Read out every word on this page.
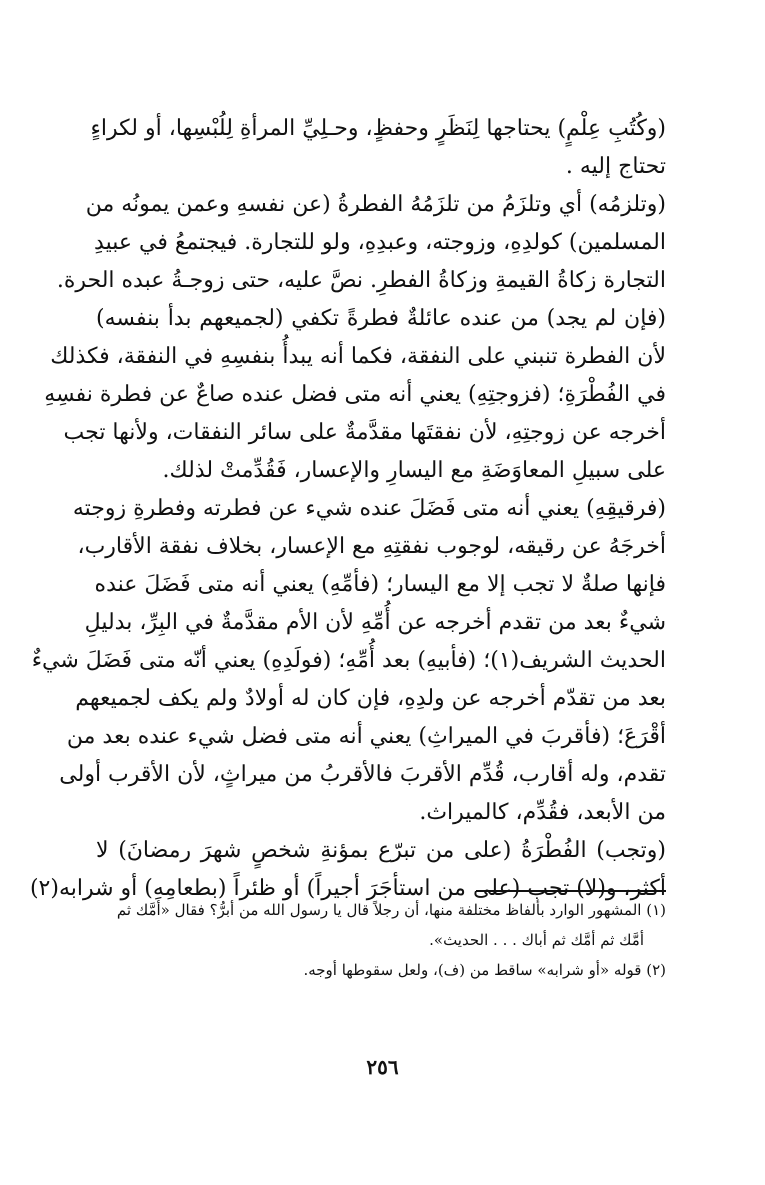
(وكُتُبِ عِلْمٍ) يحتاجها لِنَظَرٍ وحفظٍ، وحـلِيِّ المرأةِ لِلُبْسِها، أو لكراءٍ
تحتاج إليه .
(وتلزمُه) أي وتلزَمُ من تلزَمُهُ الفطرةُ (عن نفسهِ وعمن يمونُه من
المسلمين) كولدِهِ، وزوجته، وعبدِهِ، ولو للتجارة. فيجتمعُ في عبيدِ
التجارة زكاةُ القيمةِ وزكاةُ الفطرِ. نصَّ عليه، حتى زوجـةُ عبده الحرة.
(فإن لم يجد) من عنده عائلةٌ فطرةً تكفي (لجميعهم بدأ بنفسه)
لأن الفطرة تنبني على النفقة، فكما أنه يبدأُ بنفسِهِ في النفقة، فكذلك
في الفُطْرَةِ؛ (فزوجتِهِ) يعني أنه متى فضل عنده صاعٌ عن فطرة نفسِهِ
أخرجه عن زوجتِهِ، لأن نفقتَها مقدَّمةٌ على سائر النفقات، ولأنها تجب
على سبيلِ المعاوَضَةِ مع اليسارِ والإعسار، فَقُدِّمتْ لذلك.
(فرقيقِهِ) يعني أنه متى فَضَلَ عنده شيء عن فطرته وفطرةِ زوجته
أخرجَهُ عن رقيقه، لوجوب نفقتِهِ مع الإعسار، بخلاف نفقة الأقارب،
فإنها صلةٌ لا تجب إلا مع اليسار؛ (فأمِّهِ) يعني أنه متى فَضَلَ عنده
شيءٌ بعد من تقدم أخرجه عن أُمِّهِ لأن الأم مقدَّمةٌ في البِرِّ، بدليلِ
الحديث الشريف(١)؛ (فأبيهِ) بعد أُمِّهِ؛ (فولَدِهِ) يعني أنّه متى فَضَلَ شيءٌ
بعد من تقدّم أخرجه عن ولدِهِ، فإن كان له أولادٌ ولم يكف لجميعهم
أقْرَعَ؛ (فأقربَ في الميراثِ) يعني أنه متى فضل شيء عنده بعد من
تقدم، وله أقارب، قُدِّم الأقربَ فالأقربُ من ميراثٍ، لأن الأقرب أولى
من الأبعد، فقُدِّم، كالميراث.
(وتجب) الفُطْرَةُ (على من تبرّع بمؤنةِ شخصٍ شهرَ رمضانَ) لا
أكثر، و(لا) تجب (على من استأجَرَ أجيراً) أو ظئراً (بطعامِهِ) أو شرابه(٢)
(١) المشهور الوارد بألفاظ مختلفة منها، أن رجلاً قال يا رسول الله من أبرُّ؟ فقال «أمَّك ثم
أمَّك ثم أمَّك ثم أباك . . . الحديث».
(٢) قوله «أو شرابه» ساقط من (ف)، ولعل سقوطها أوجه.
٢٥٦
